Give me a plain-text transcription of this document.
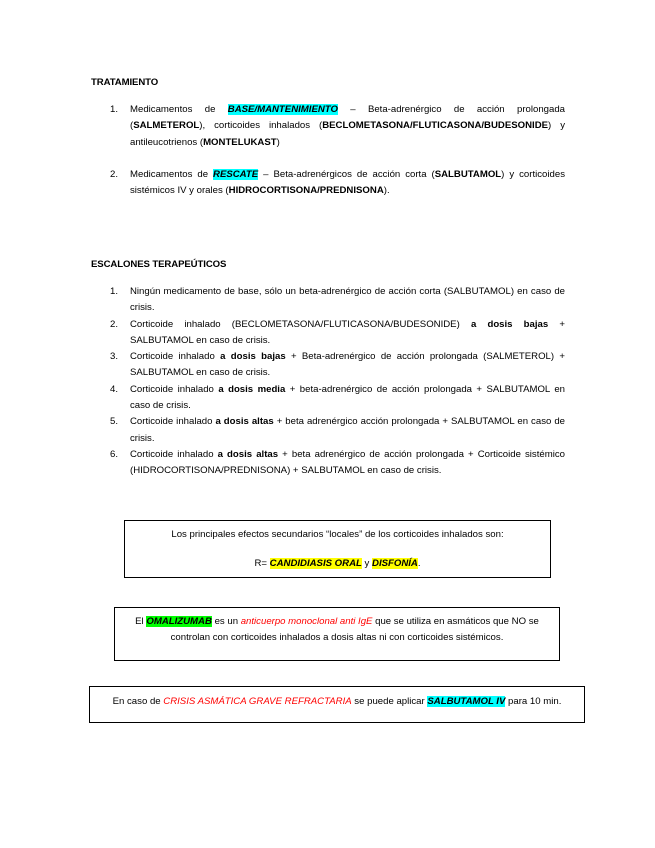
TRATAMIENTO
1. Medicamentos de BASE/MANTENIMIENTO – Beta-adrenérgico de acción prolongada (SALMETEROL), corticoides inhalados (BECLOMETASONA/FLUTICASONA/BUDESONIDE) y antileucotrienos (MONTELUKAST)
2. Medicamentos de RESCATE – Beta-adrenérgicos de acción corta (SALBUTAMOL) y corticoides sistémicos IV y orales (HIDROCORTISONA/PREDNISONA).
ESCALONES TERAPEÚTICOS
1. Ningún medicamento de base, sólo un beta-adrenérgico de acción corta (SALBUTAMOL) en caso de crisis.
2. Corticoide inhalado (BECLOMETASONA/FLUTICASONA/BUDESONIDE) a dosis bajas + SALBUTAMOL en caso de crisis.
3. Corticoide inhalado a dosis bajas + Beta-adrenérgico de acción prolongada (SALMETEROL) + SALBUTAMOL en caso de crisis.
4. Corticoide inhalado a dosis media + beta-adrenérgico de acción prolongada + SALBUTAMOL en caso de crisis.
5. Corticoide inhalado a dosis altas + beta adrenérgico acción prolongada + SALBUTAMOL en caso de crisis.
6. Corticoide inhalado a dosis altas + beta adrenérgico de acción prolongada + Corticoide sistémico (HIDROCORTISONA/PREDNISONA) + SALBUTAMOL en caso de crisis.
Los principales efectos secundarios “locales” de los corticoides inhalados son:
R= CANDIDIASIS ORAL y DISFONÍA.
El OMALIZUMAB es un anticuerpo monoclonal anti IgE que se utiliza en asmáticos que NO se controlan con corticoides inhalados a dosis altas ni con corticoides sistémicos.
En caso de CRISIS ASMÁTICA GRAVE REFRACTARIA se puede aplicar SALBUTAMOL IV para 10 min.
